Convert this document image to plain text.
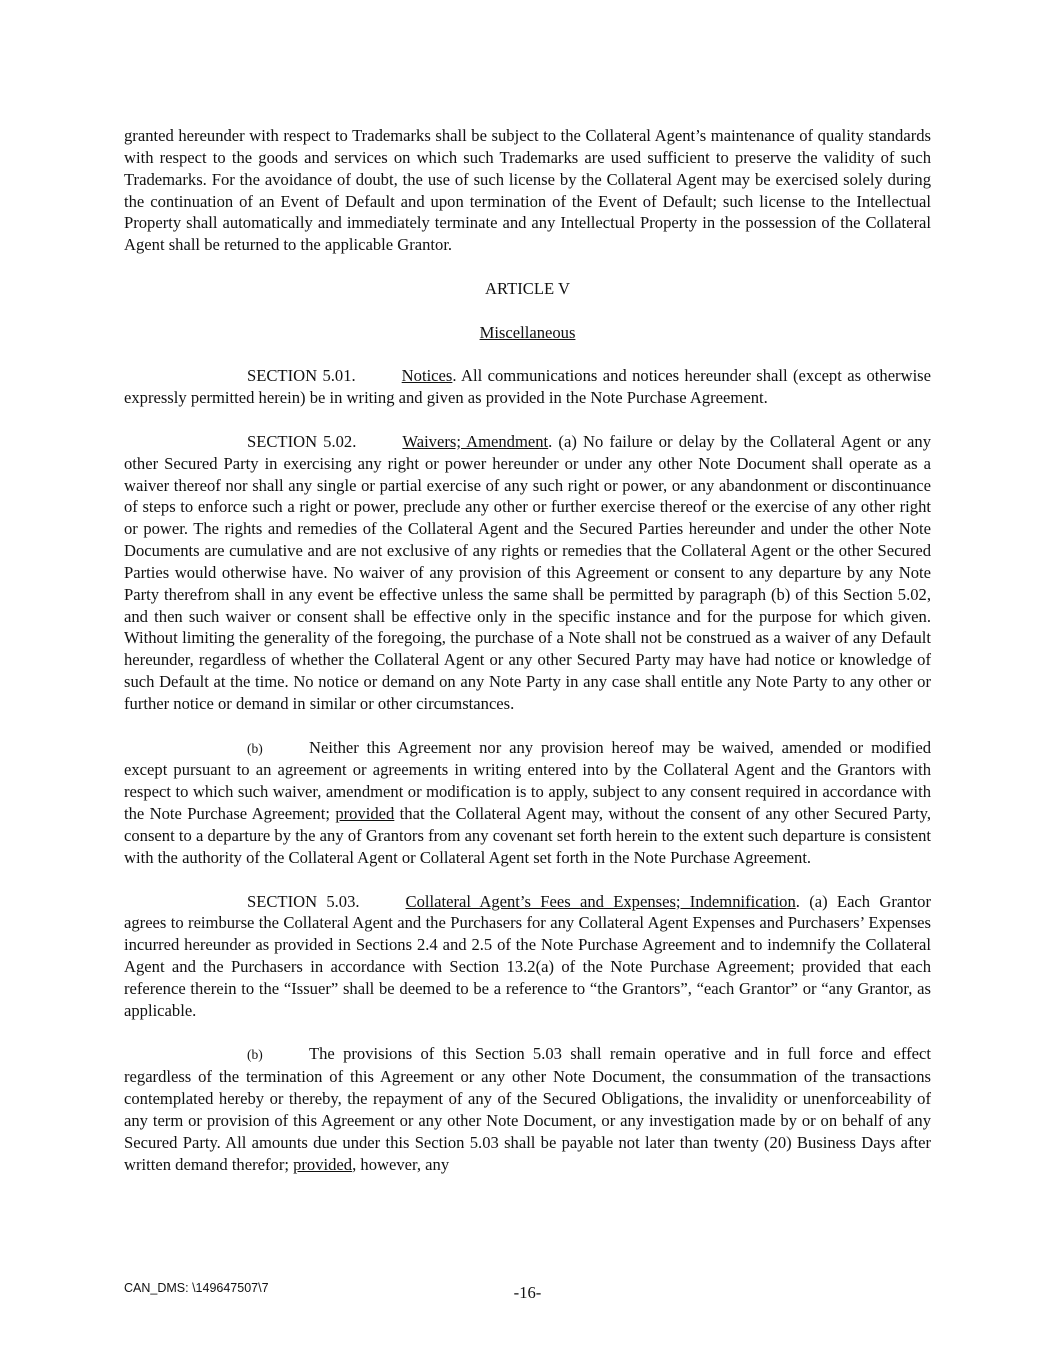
granted hereunder with respect to Trademarks shall be subject to the Collateral Agent’s maintenance of quality standards with respect to the goods and services on which such Trademarks are used sufficient to preserve the validity of such Trademarks. For the avoidance of doubt, the use of such license by the Collateral Agent may be exercised solely during the continuation of an Event of Default and upon termination of the Event of Default; such license to the Intellectual Property shall automatically and immediately terminate and any Intellectual Property in the possession of the Collateral Agent shall be returned to the applicable Grantor.

ARTICLE V

Miscellaneous

SECTION 5.01.	Notices. All communications and notices hereunder shall (except as otherwise expressly permitted herein) be in writing and given as provided in the Note Purchase Agreement.

SECTION 5.02.	Waivers; Amendment. (a) No failure or delay by the Collateral Agent or any other Secured Party in exercising any right or power hereunder or under any other Note Document shall operate as a waiver thereof nor shall any single or partial exercise of any such right or power, or any abandonment or discontinuance of steps to enforce such a right or power, preclude any other or further exercise thereof or the exercise of any other right or power. The rights and remedies of the Collateral Agent and the Secured Parties hereunder and under the other Note Documents are cumulative and are not exclusive of any rights or remedies that the Collateral Agent or the other Secured Parties would otherwise have. No waiver of any provision of this Agreement or consent to any departure by any Note Party therefrom shall in any event be effective unless the same shall be permitted by paragraph (b) of this Section 5.02, and then such waiver or consent shall be effective only in the specific instance and for the purpose for which given. Without limiting the generality of the foregoing, the purchase of a Note shall not be construed as a waiver of any Default hereunder, regardless of whether the Collateral Agent or any other Secured Party may have had notice or knowledge of such Default at the time. No notice or demand on any Note Party in any case shall entitle any Note Party to any other or further notice or demand in similar or other circumstances.

(b)	Neither this Agreement nor any provision hereof may be waived, amended or modified except pursuant to an agreement or agreements in writing entered into by the Collateral Agent and the Grantors with respect to which such waiver, amendment or modification is to apply, subject to any consent required in accordance with the Note Purchase Agreement; provided that the Collateral Agent may, without the consent of any other Secured Party, consent to a departure by the any of Grantors from any covenant set forth herein to the extent such departure is consistent with the authority of the Collateral Agent or Collateral Agent set forth in the Note Purchase Agreement.

SECTION 5.03.	Collateral Agent’s Fees and Expenses; Indemnification. (a) Each Grantor agrees to reimburse the Collateral Agent and the Purchasers for any Collateral Agent Expenses and Purchasers’ Expenses incurred hereunder as provided in Sections 2.4 and 2.5 of the Note Purchase Agreement and to indemnify the Collateral Agent and the Purchasers in accordance with Section 13.2(a) of the Note Purchase Agreement; provided that each reference therein to the “Issuer” shall be deemed to be a reference to “the Grantors”, “each Grantor” or “any Grantor, as applicable.

(b)	The provisions of this Section 5.03 shall remain operative and in full force and effect regardless of the termination of this Agreement or any other Note Document, the consummation of the transactions contemplated hereby or thereby, the repayment of any of the Secured Obligations, the invalidity or unenforceability of any term or provision of this Agreement or any other Note Document, or any investigation made by or on behalf of any Secured Party. All amounts due under this Section 5.03 shall be payable not later than twenty (20) Business Days after written demand therefor; provided, however, any

CAN_DMS: \149647507\7	-16-
